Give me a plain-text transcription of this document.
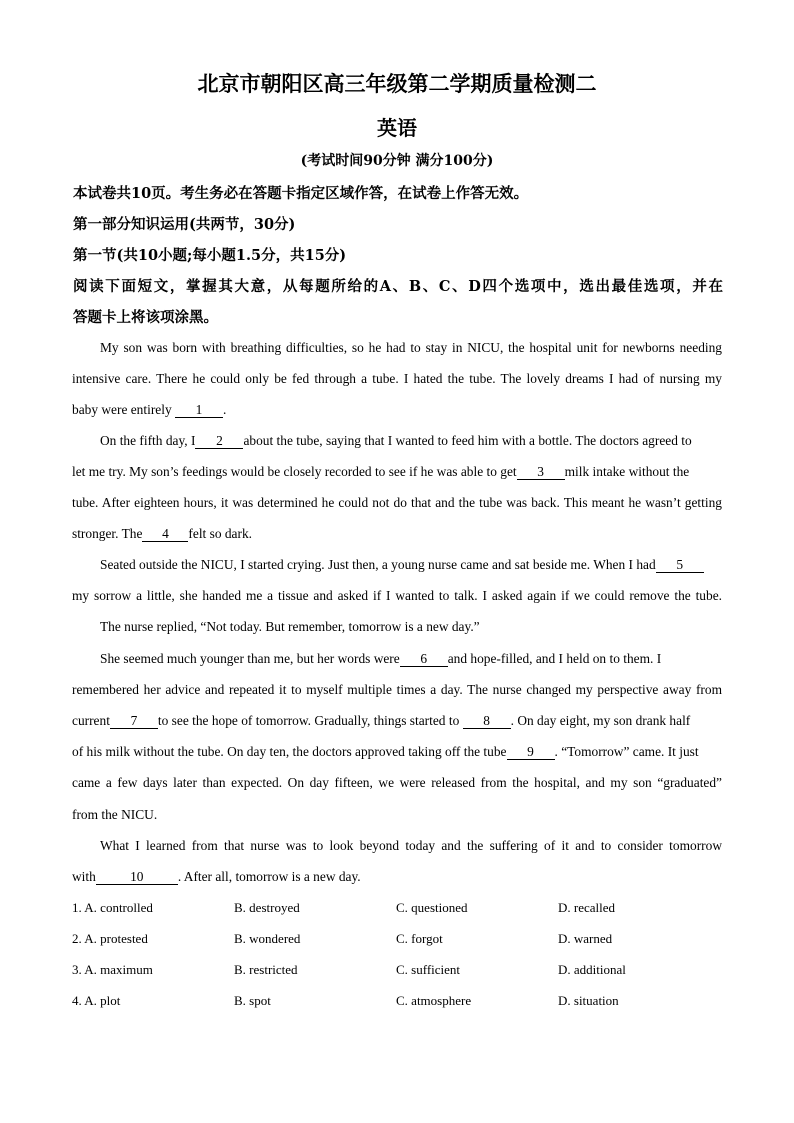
北京市朝阳区高三年级第二学期质量检测二
英语
(考试时间90分钟 满分100分)
本试卷共10页。考生务必在答题卡指定区域作答，在试卷上作答无效。
第一部分知识运用(共两节，30分)
第一节(共10小题;每小题1.5分，共15分)
阅读下面短文，掌握其大意，从每题所给的A、B、C、D四个选项中，选出最佳选项，并在
答题卡上将该项涂黑。
My son was born with breathing difficulties, so he had to stay in NICU, the hospital unit for newborns needing
intensive care. There he could only be fed through a tube. I hated the tube. The lovely dreams I had of nursing my
baby were entirely 1 .
On the fifth day, I 2 about the tube, saying that I wanted to feed him with a bottle. The doctors agreed to
let me try. My son’s feedings would be closely recorded to see if he was able to get 3 milk intake without the
tube. After eighteen hours, it was determined he could not do that and the tube was back. This meant he wasn’t getting
stronger. The 4 felt so dark.
Seated outside the NICU, I started crying. Just then, a young nurse came and sat beside me. When I had 5
my sorrow a little, she handed me a tissue and asked if I wanted to talk. I asked again if we could remove the tube.
The nurse replied, “Not today. But remember, tomorrow is a new day.”
She seemed much younger than me, but her words were 6 and hope-filled, and I held on to them. I
remembered her advice and repeated it to myself multiple times a day. The nurse changed my perspective away from
current 7 to see the hope of tomorrow. Gradually, things started to 8 . On day eight, my son drank half
of his milk without the tube. On day ten, the doctors approved taking off the tube 9 . “Tomorrow” came. It just
came a few days later than expected. On day fifteen, we were released from the hospital, and my son “graduated”
from the NICU.
What I learned from that nurse was to look beyond today and the suffering of it and to consider tomorrow
with	10	. After all, tomorrow is a new day.
1. A. controlled	B. destroyed	C. questioned	D. recalled
2. A. protested	B. wondered	C. forgot	D. warned
3. A. maximum	B. restricted	C. sufficient	D. additional
4. A. plot	B. spot	C. atmosphere	D. situation
